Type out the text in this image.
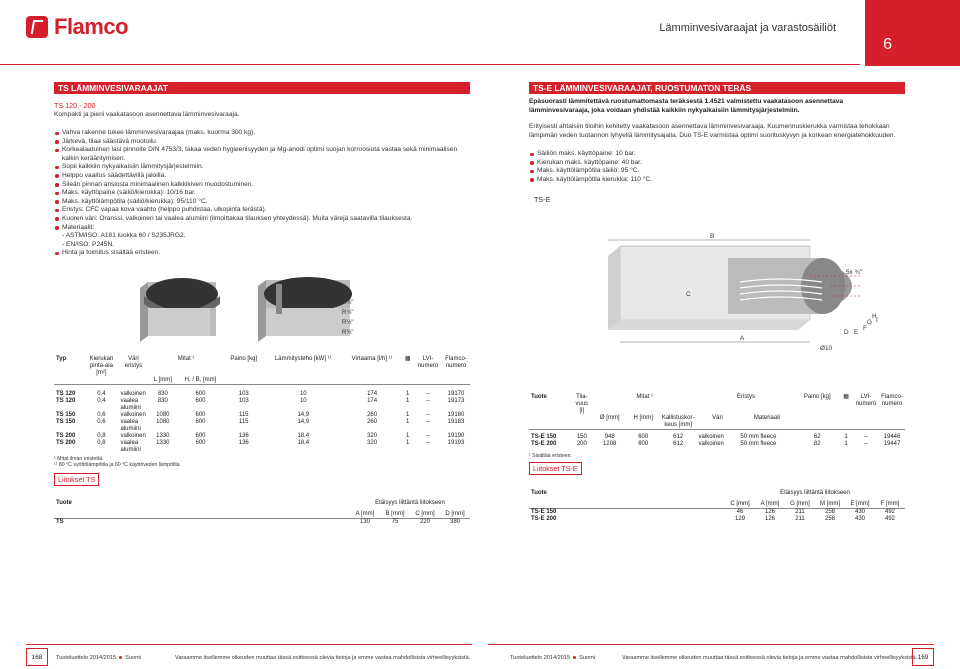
Flamco	Lämminvesivaraajat ja varastosäiliöt
6
TS LÄMMINVESIVARAAJAT
TS 120 - 200
Kompakti ja pieni vaakatasoon asennettava lämminvesivaraaja.
Vahva rakenne tukee lämminvesivaraajaa (maks. kuorma 300 kg).
Järkevä, tilaa säästävä muotoilu.
Korkealaatuinen lasi pinnoite DIN 4753/3, takaa veden hygieenisyyden ja Mg-anodi optimi suojan korroosiota vastaa sekä minimaalisen kalkin kerääntymisen.
Sopii kaikkiin nykyaikaisiin lämmitysjärjestelmiin.
Helppo vaaitus säädettävillä jaloilla.
Sileän pinnan ansiosta minimaalinen kalkkikiven muodostuminen.
Maks. käyttöpaine (säiliö/kierukka): 10/16 bar.
Maks. käyttölämpötila (säiliö/kierukka): 95/110 °C.
Eristys: CFC vapaa kova vaahto (helppo puhdistaa, ulkopinta terästä).
Kuoren väri: Oranssi, valkoinen tai vaalea alumiini (ilmoittakaa tilauksen yhteydessä). Muita värejä saatavilla tilauksesta.
Materiaalit:
- ASTM/ISO: A181 luokka 60 / S235JRG2.
- EN/ISO: P245N.
Hinta ja toimitus sisältää eristeen.
C
R¾"
R¾"
R½"
R¾"
Typ	Kierukan pinta-ala [m²]	Väri eristys	Mitat ¹		Paino [kg]	Lämmitysteho [kW] ¹¹	Virtaama [l/h] ¹¹	▦	LVI-numero	Flamco-numero
			L [mm]	H, / B, [mm]						

TS 120	0,4	valkoinen	830	600	103	10	174	1	–	19170
TS 120	0,4	vaalea alumiini	830	600	103	10	174	1	–	19173
TS 150	0,6	valkoinen	1080	600	115	14,9	260	1	–	19180
TS 150	0,6	vaalea alumiini	1080	600	115	14,9	260	1	–	19183
TS 200	0,8	valkoinen	1330	600	136	18,4	320	1	–	19190
TS 200	0,8	vaalea alumiini	1330	600	136	18,4	320	1	–	19193
¹ Mitat ilman eristettä.
¹¹ 80 °C syöttölämpötila ja 60 °C käyttöveden lämpötila.
Liitokset TS
Tuote	Etäisyys liittäntä liitokseen			

	A [mm]	B [mm]	C [mm]	D [mm]
TS	130	75	220	380
TS-E LÄMMINVESIVARAAJAT, RUOSTUMATON TERÄS
Epäsuorasti lämmitettävä ruostumattomasta teräksestä 1.4521 valmistettu vaakatasoon asennettava lämminvesivaraaja, joka voidaan yhdistää kaikkiin nykyaikaisiin lämmitysjärjestelmiin.
Erityisesti ahtaisiin tiloihin kehitetty vaakatasoon asennettava lämminvesivaraaja. Kuumennuskierukka varmistaa tehokkaan lämpimän veden tuotannon lyhyellä lämmitysajalla. Duo TS-E varmistaa optimi suorituskyvyn ja korkean energiatehokkuuden.
Säiliön maks. käyttöpaine: 10 bar.
Kierukan maks. käyttöpaine: 40 bar.
Maks. käyttölämpötila säiliö: 95 °C.
Maks. käyttölämpötila kierukka: 110 °C.
TS-E
B
C
5x ¾"
A
D E
F
G
H
I
Ø10
Tuote	Tila-vuus [l]	Mitat ¹			Eristys		Paino [kg]	▦	LVI-numero	Flamco-numero
		Ø [mm]	H [mm]	Kallistuskor-keus [mm]	Väri	Materiaali				

TS-E 150	150	948	600	612	valkoinen	50 mm fleece	62	1	–	19446
TS-E 200	200	1208	600	612	valkoinen	50 mm fleece	82	1	–	19447
¹ Sisältää eristeen.
Liitokset TS-E
Tuote	Etäisyys liittäntä liitokseen					

	C [mm]	A [mm]	G [mm]	M [mm]	E [mm]	F [mm]
TS-E 150	46	126	211	258	430	492
TS-E 200	129	126	211	258	430	492
168	Tuoteluettelo 2014/2015 Suomi	Varaamme itsellemme oikeuden muuttaa tässä esitteessä olevia tietoja ja emme vastaa mahdollisista virheellisyyksistä.	Tuoteluettelo 2014/2015 Suomi	Varaamme itsellemme oikeuden muuttaa tässä esitteessä olevia tietoja ja emme vastaa mahdollisista virheellisyyksistä. 169
